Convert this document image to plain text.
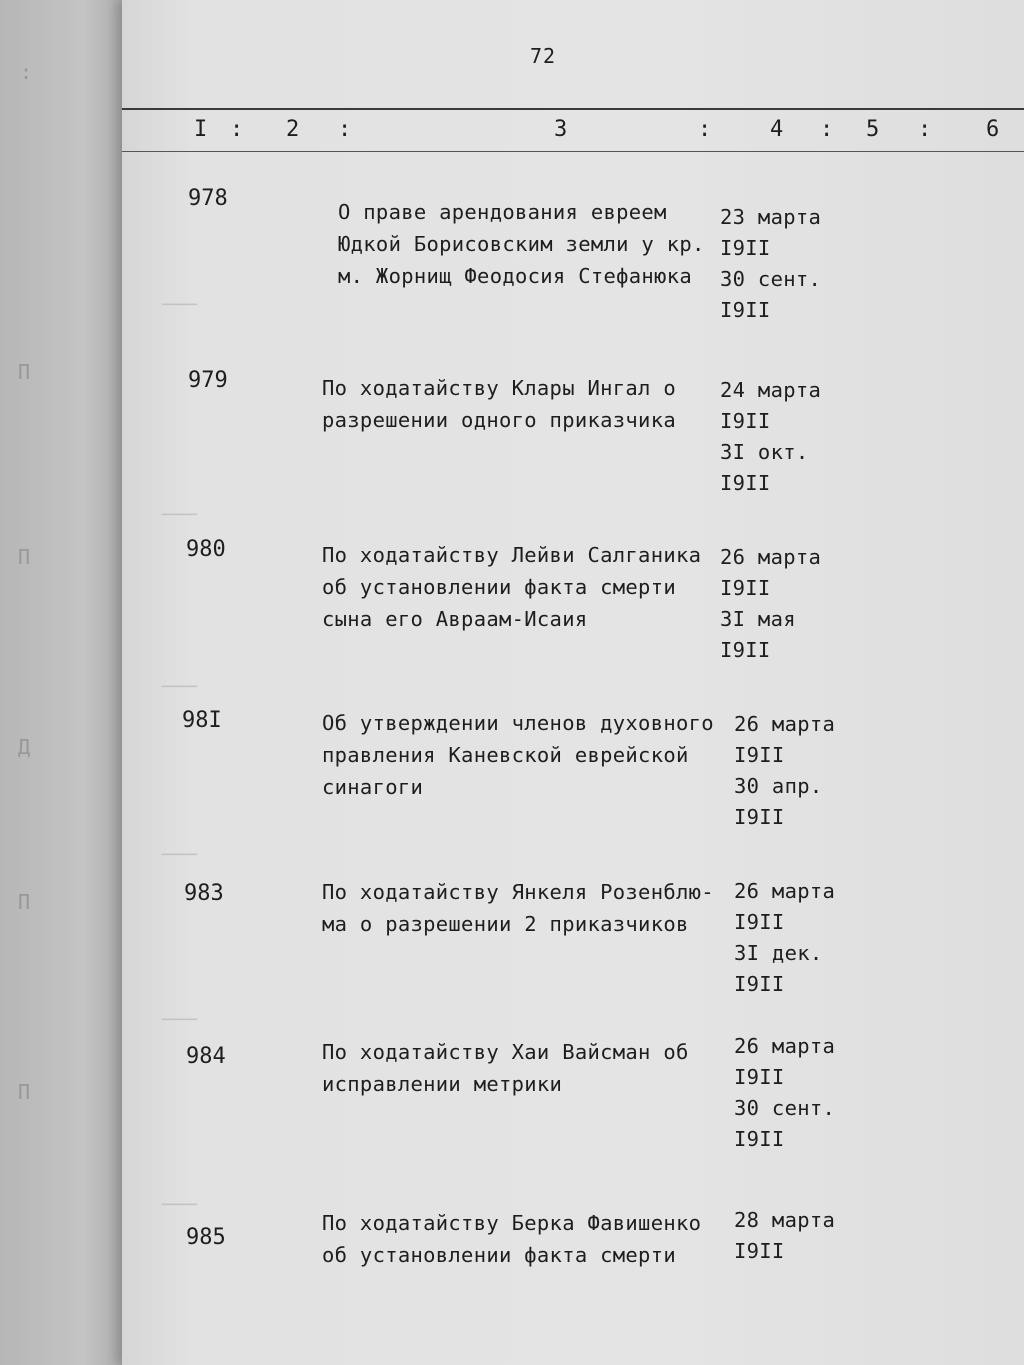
:
П
П
Д
П
П
72
I : 2 :	3	:	4 : 5 : 6
───
───
───
───
───
───
978
О праве арендования евреем
Юдкой Борисовским земли у кр.
м. Жорнищ Феодосия Стефанюка
23 марта
I9II
30 сент.
I9II
979	По ходатайству Клары Ингал о
разрешении одного приказчика
24 марта
I9II
3I окт.
I9II
980	По ходатайству Лейви Салганика
об установлении факта смерти
сына его Авраам-Исаия
26 марта
I9II
3I мая
I9II
98I	Об утверждении членов духовного
правления Каневской еврейской
синагоги
26 марта
I9II
30 апр.
I9II
983	По ходатайству Янкеля Розенблю-
ма о разрешении 2 приказчиков
26 марта
I9II
3I дек.
I9II
984	По ходатайству Хаи Вайсман об
исправлении метрики
26 марта
I9II
30 сент.
I9II
985
По ходатайству Берка Фавишенко
об установлении факта смерти
28 марта
I9II
